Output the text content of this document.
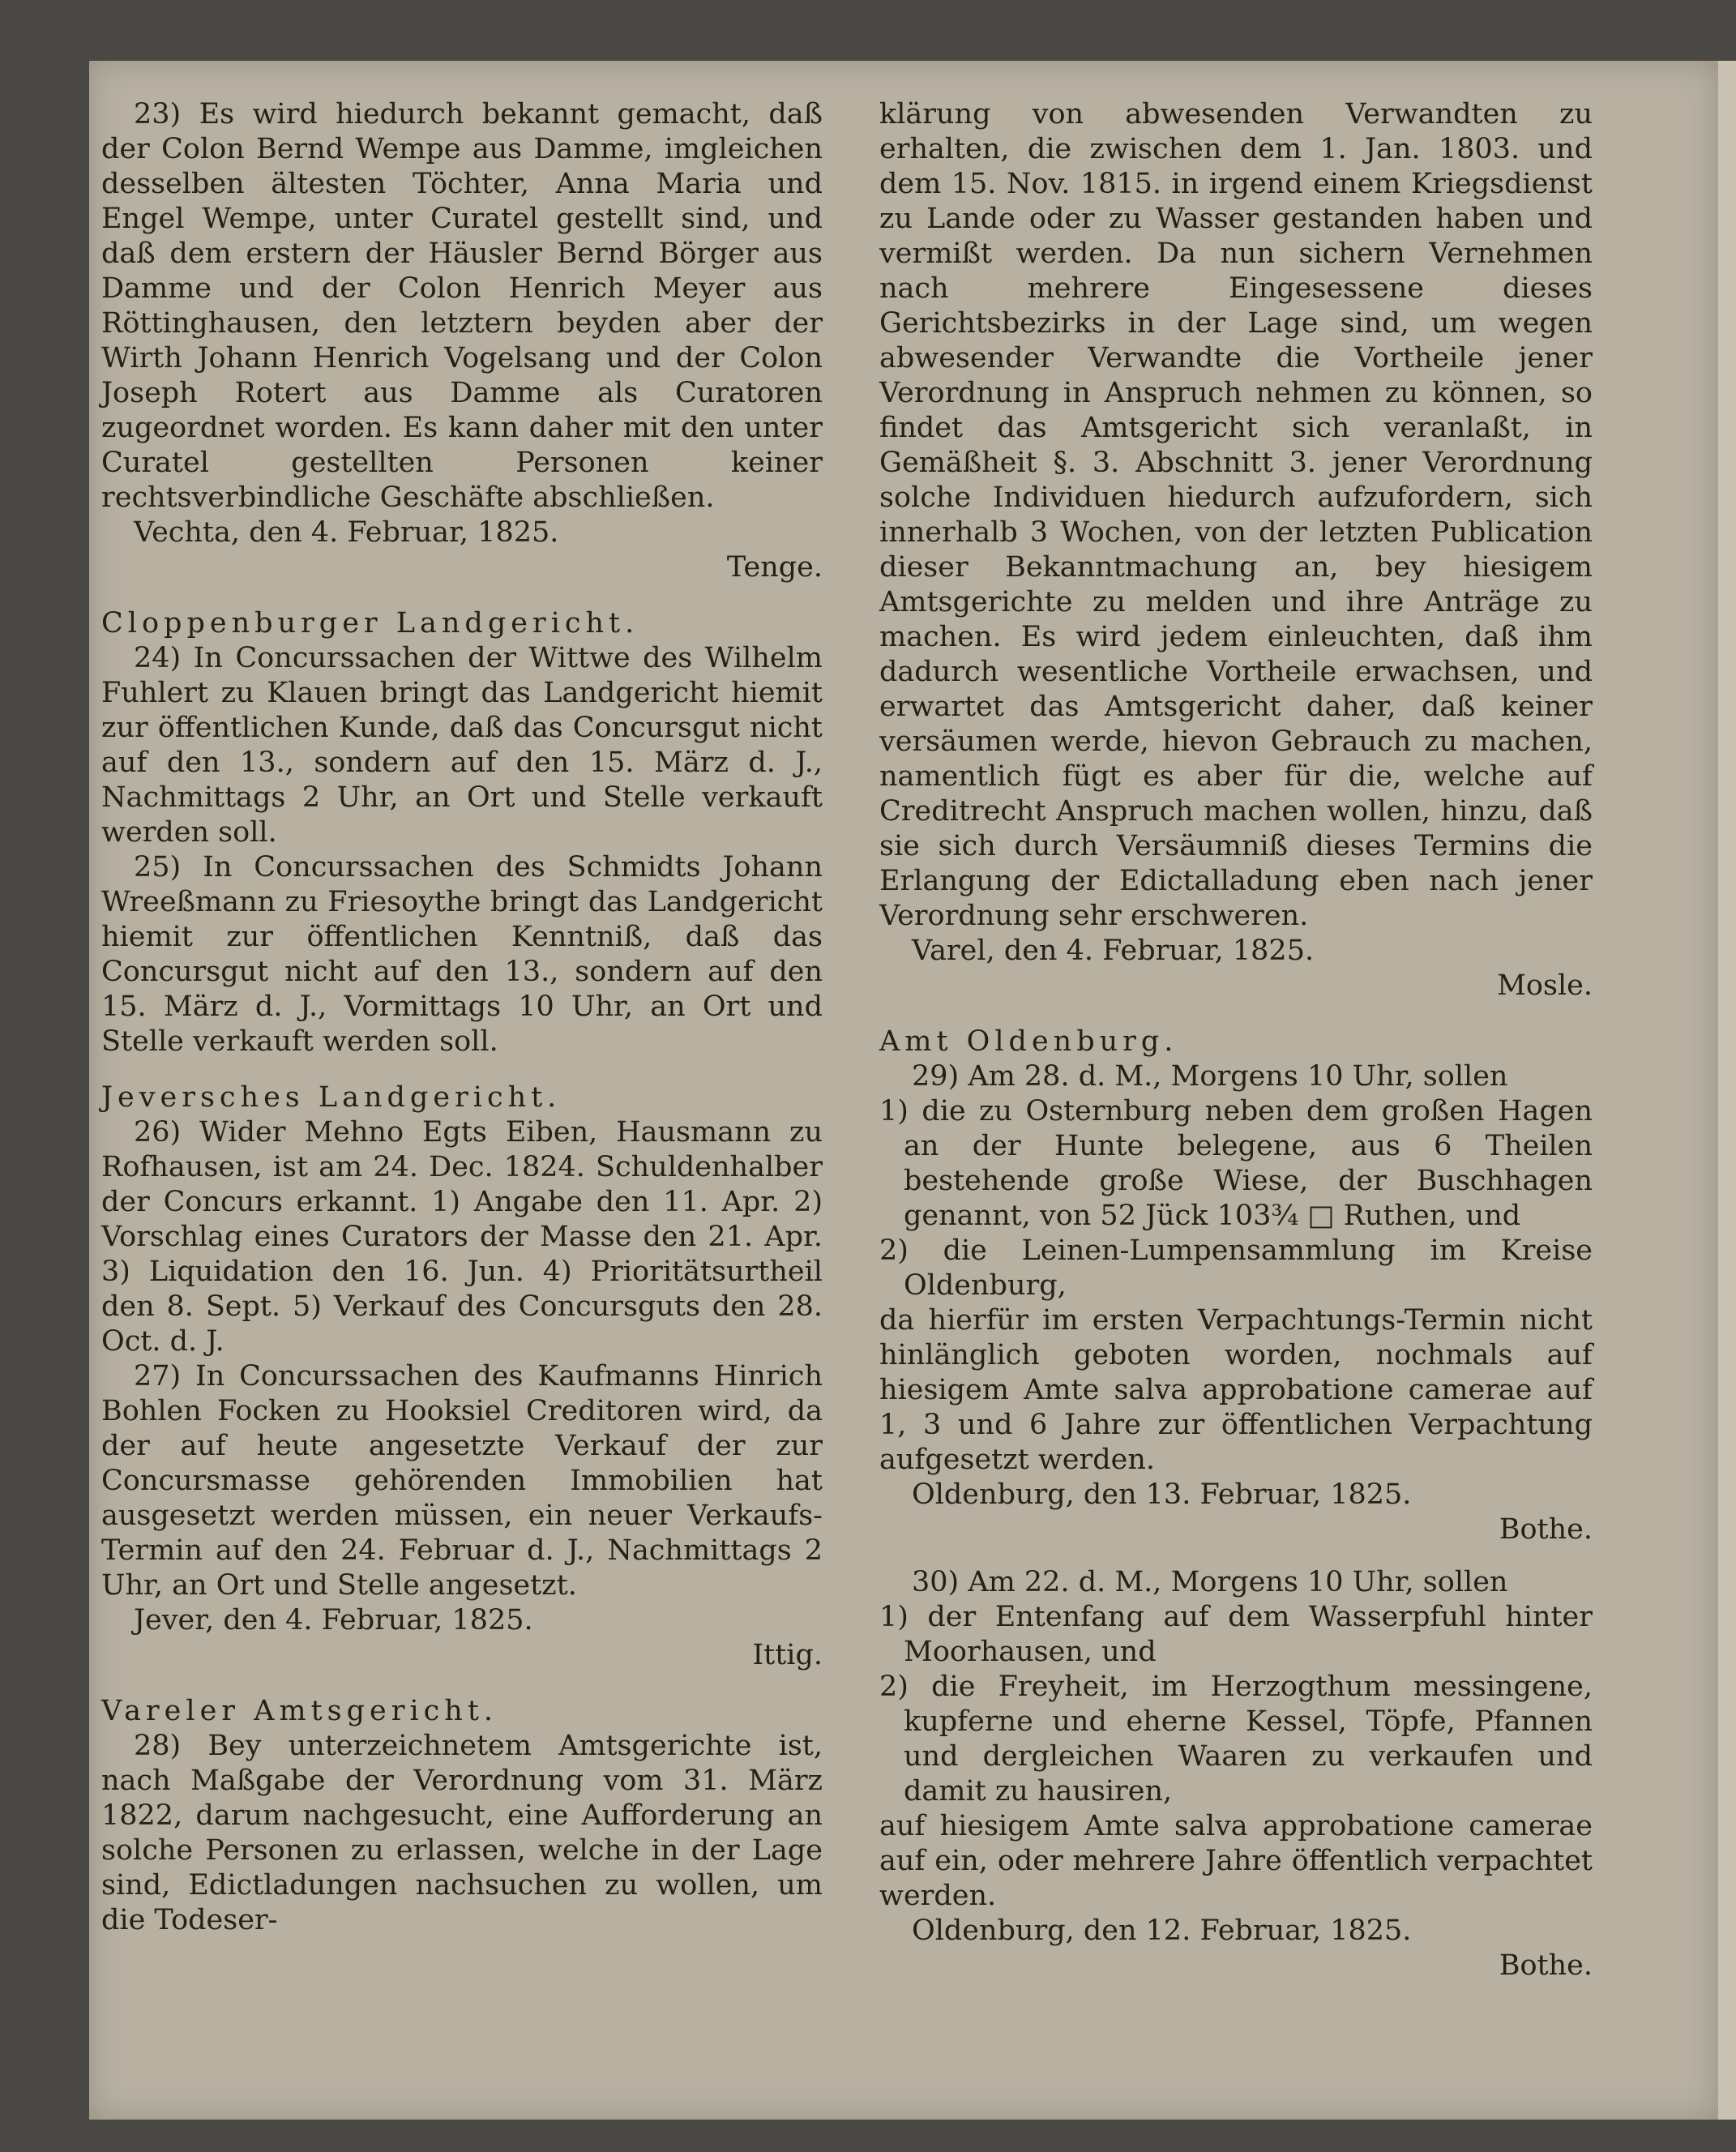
23) Es wird hiedurch bekannt gemacht, daß der Colon Bernd Wempe aus Damme, imgleichen desselben ältesten Töchter, Anna Maria und Engel Wempe, unter Curatel gestellt sind, und daß dem erstern der Häusler Bernd Börger aus Damme und der Colon Henrich Meyer aus Röttinghausen, den letztern beyden aber der Wirth Johann Henrich Vogelsang und der Colon Joseph Rotert aus Damme als Curatoren zugeordnet worden. Es kann daher mit den unter Curatel gestellten Personen keiner rechtsverbindliche Geschäfte abschließen.

Vechta, den 4. Februar, 1825.

Tenge.

Cloppenburger Landgericht.

24) In Concurssachen der Wittwe des Wilhelm Fuhlert zu Klauen bringt das Landgericht hiemit zur öffentlichen Kunde, daß das Concursgut nicht auf den 13., sondern auf den 15. März d. J., Nachmittags 2 Uhr, an Ort und Stelle verkauft werden soll.

25) In Concurssachen des Schmidts Johann Wreeßmann zu Friesoythe bringt das Landgericht hiemit zur öffentlichen Kenntniß, daß das Concursgut nicht auf den 13., sondern auf den 15. März d. J., Vormittags 10 Uhr, an Ort und Stelle verkauft werden soll.

Jeversches Landgericht.

26) Wider Mehno Egts Eiben, Hausmann zu Rofhausen, ist am 24. Dec. 1824. Schuldenhalber der Concurs erkannt. 1) Angabe den 11. Apr. 2) Vorschlag eines Curators der Masse den 21. Apr. 3) Liquidation den 16. Jun. 4) Prioritätsurtheil den 8. Sept. 5) Verkauf des Concursguts den 28. Oct. d. J.

27) In Concurssachen des Kaufmanns Hinrich Bohlen Focken zu Hooksiel Creditoren wird, da der auf heute angesetzte Verkauf der zur Concursmasse gehörenden Immobilien hat ausgesetzt werden müssen, ein neuer Verkaufs-Termin auf den 24. Februar d. J., Nachmittags 2 Uhr, an Ort und Stelle angesetzt.

Jever, den 4. Februar, 1825.

Ittig.

Vareler Amtsgericht.

28) Bey unterzeichnetem Amtsgerichte ist, nach Maßgabe der Verordnung vom 31. März 1822, darum nachgesucht, eine Aufforderung an solche Personen zu erlassen, welche in der Lage sind, Edictladungen nachsuchen zu wollen, um die Todeser-

klärung von abwesenden Verwandten zu erhalten, die zwischen dem 1. Jan. 1803. und dem 15. Nov. 1815. in irgend einem Kriegsdienst zu Lande oder zu Wasser gestanden haben und vermißt werden. Da nun sichern Vernehmen nach mehrere Eingesessene dieses Gerichtsbezirks in der Lage sind, um wegen abwesender Verwandte die Vortheile jener Verordnung in Anspruch nehmen zu können, so findet das Amtsgericht sich veranlaßt, in Gemäßheit §. 3. Abschnitt 3. jener Verordnung solche Individuen hiedurch aufzufordern, sich innerhalb 3 Wochen, von der letzten Publication dieser Bekanntmachung an, bey hiesigem Amtsgerichte zu melden und ihre Anträge zu machen. Es wird jedem einleuchten, daß ihm dadurch wesentliche Vortheile erwachsen, und erwartet das Amtsgericht daher, daß keiner versäumen werde, hievon Gebrauch zu machen, namentlich fügt es aber für die, welche auf Creditrecht Anspruch machen wollen, hinzu, daß sie sich durch Versäumniß dieses Termins die Erlangung der Edictalladung eben nach jener Verordnung sehr erschweren.

Varel, den 4. Februar, 1825.

Mosle.

Amt Oldenburg.

29) Am 28. d. M., Morgens 10 Uhr, sollen

1) die zu Osternburg neben dem großen Hagen an der Hunte belegene, aus 6 Theilen bestehende große Wiese, der Buschhagen genannt, von 52 Jück 103¾ □ Ruthen, und

2) die Leinen-Lumpensammlung im Kreise Oldenburg,

da hierfür im ersten Verpachtungs-Termin nicht hinlänglich geboten worden, nochmals auf hiesigem Amte salva approbatione camerae auf 1, 3 und 6 Jahre zur öffentlichen Verpachtung aufgesetzt werden.

Oldenburg, den 13. Februar, 1825.

Bothe.

30) Am 22. d. M., Morgens 10 Uhr, sollen

1) der Entenfang auf dem Wasserpfuhl hinter Moorhausen, und

2) die Freyheit, im Herzogthum messingene, kupferne und eherne Kessel, Töpfe, Pfannen und dergleichen Waaren zu verkaufen und damit zu hausiren,

auf hiesigem Amte salva approbatione camerae auf ein, oder mehrere Jahre öffentlich verpachtet werden.

Oldenburg, den 12. Februar, 1825.

Bothe.
